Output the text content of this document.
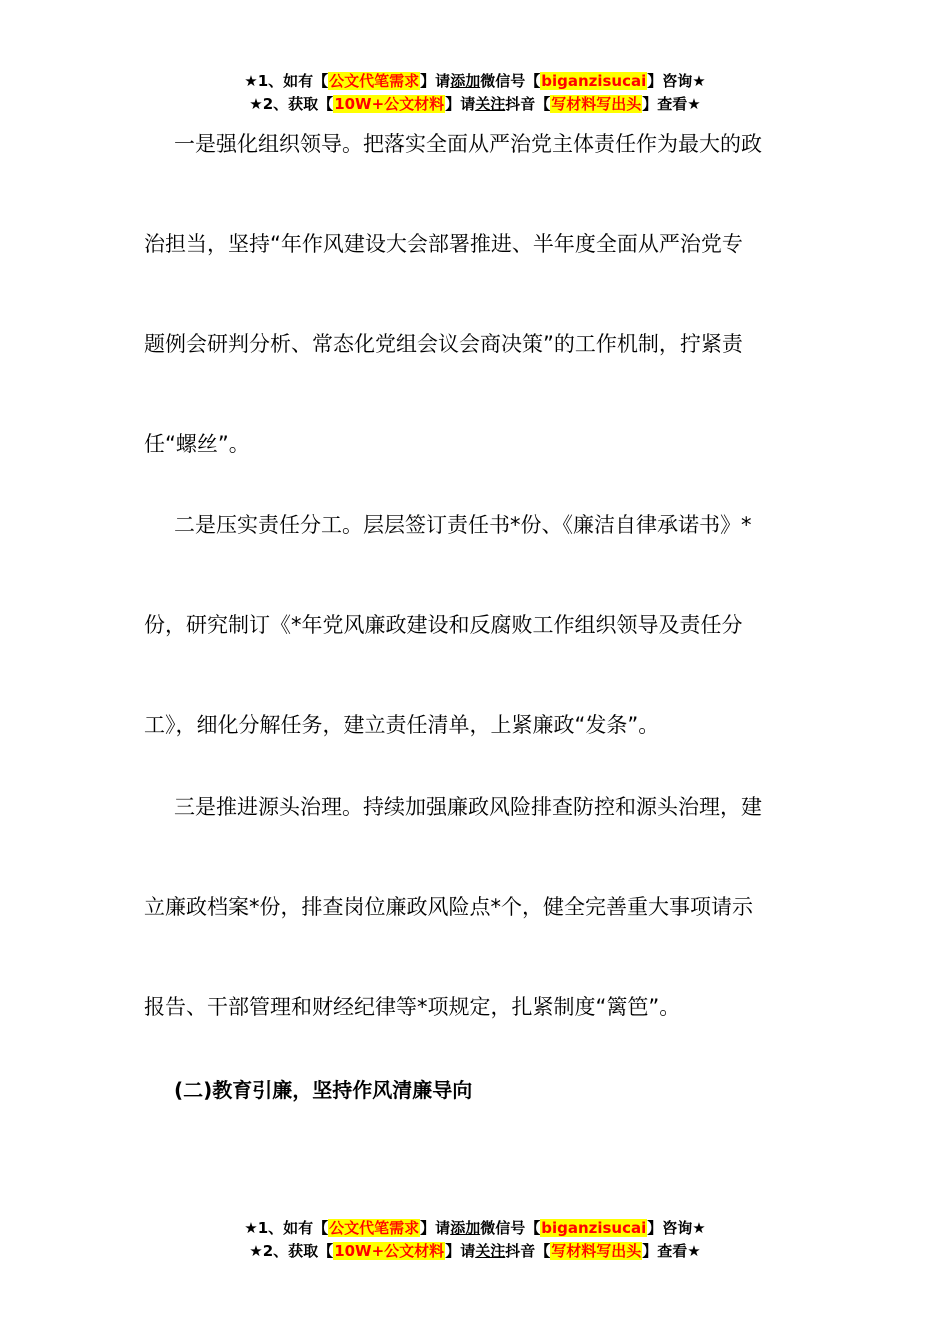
★1、如有【公文代笔需求】请添加微信号【biganzisucai】咨询★
★2、获取【10W+公文材料】请关注抖音【写材料写出头】查看★
一是强化组织领导。把落实全面从严治党主体责任作为最大的政
治担当，坚持“年作风建设大会部署推进、半年度全面从严治党专
题例会研判分析、常态化党组会议会商决策”的工作机制，拧紧责
任“螺丝”。
二是压实责任分工。层层签订责任书*份、《廉洁自律承诺书》*
份，研究制订《*年党风廉政建设和反腐败工作组织领导及责任分
工》，细化分解任务，建立责任清单，上紧廉政“发条”。
三是推进源头治理。持续加强廉政风险排查防控和源头治理，建
立廉政档案*份，排查岗位廉政风险点*个，健全完善重大事项请示
报告、干部管理和财经纪律等*项规定，扎紧制度“篱笆”。
(二)教育引廉，坚持作风清廉导向
★1、如有【公文代笔需求】请添加微信号【biganzisucai】咨询★
★2、获取【10W+公文材料】请关注抖音【写材料写出头】查看★
